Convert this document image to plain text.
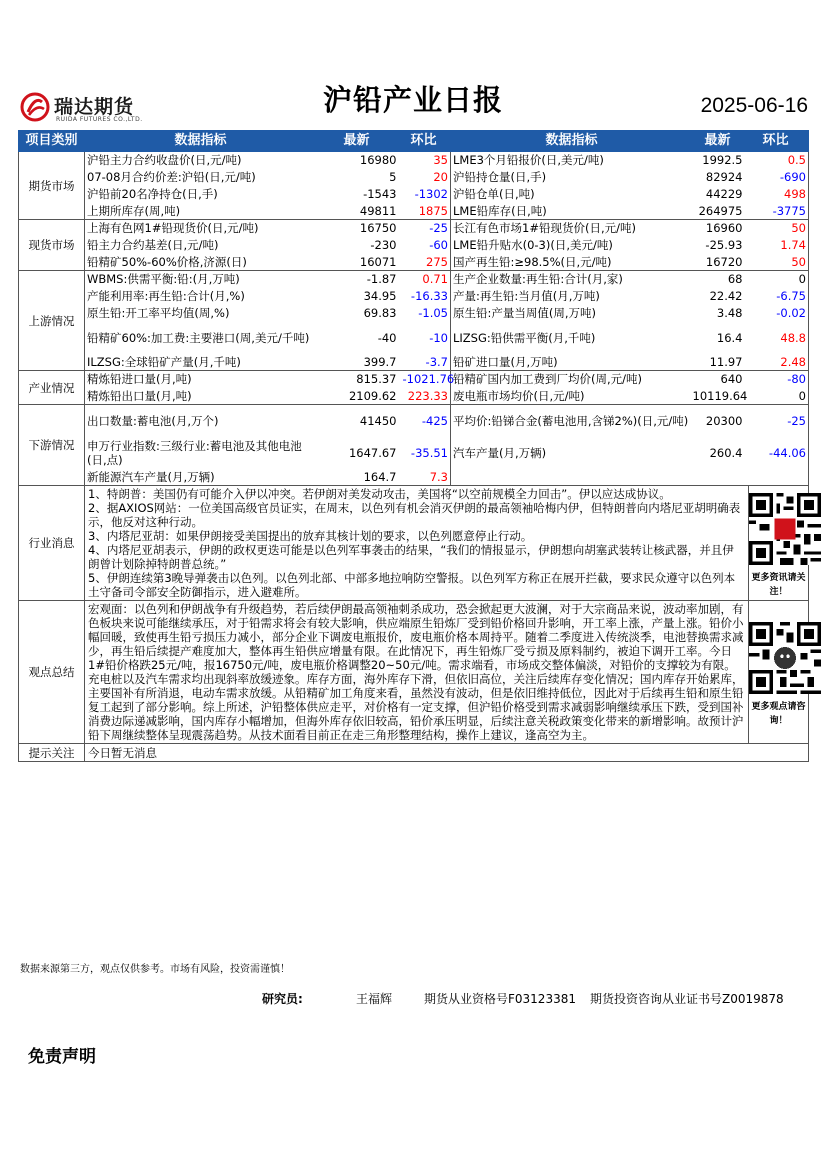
瑞达期货
RUIDA FUTURES CO.,LTD.
沪铅产业日报	2025-06-16
项目类别	数据指标	最新	环比	数据指标	最新	环比
期货市场	沪铅主力合约收盘价(日,元/吨)	16980	35	LME3个月铅报价(日,美元/吨)	1992.5	0.5
	07-08月合约价差:沪铅(日,元/吨)	5	20	沪铅持仓量(日,手)	82924	-690
	沪铅前20名净持仓(日,手)	-1543	-1302	沪铅仓单(日,吨)	44229	498
	上期所库存(周,吨)	49811	1875	LME铅库存(日,吨)	264975	-3775
现货市场	上海有色网1#铅现货价(日,元/吨)	16750	-25	长江有色市场1#铅现货价(日,元/吨)	16960	50
	铅主力合约基差(日,元/吨)	-230	-60	LME铅升贴水(0-3)(日,美元/吨)	-25.93	1.74
	铅精矿50%-60%价格,济源(日)	16071	275	国产再生铅:≥98.5%(日,元/吨)	16720	50
上游情况	WBMS:供需平衡:铅:(月,万吨)	-1.87	0.71	生产企业数量:再生铅:合计(月,家)	68	0
	产能利用率:再生铅:合计(月,%)	34.95	-16.33	产量:再生铅:当月值(月,万吨)	22.42	-6.75
	原生铅:开工率平均值(周,%)	69.83	-1.05	原生铅:产量当周值(周,万吨)	3.48	-0.02
	铅精矿60%:加工费:主要港口(周,美元/千吨)	-40	-10	LIZSG:铅供需平衡(月,千吨)	16.4	48.8
	ILZSG:全球铅矿产量(月,千吨)	399.7	-3.7	铅矿进口量(月,万吨)	11.97	2.48
产业情况	精炼铅进口量(月,吨)	815.37	-1021.76	铅精矿国内加工费到厂均价(周,元/吨)	640	-80
	精炼铅出口量(月,吨)	2109.62	223.33	废电瓶市场均价(日,元/吨)	10119.64	0
下游情况	出口数量:蓄电池(月,万个)	41450	-425	平均价:铅锑合金(蓄电池用,含锑2%)(日,元/吨)	20300	-25
	申万行业指数:三级行业:蓄电池及其他电池(日,点)	1647.67	-35.51	汽车产量(月,万辆)	260.4	-44.06
	新能源汽车产量(月,万辆)	164.7	7.3			
行业消息	1、特朗普：美国仍有可能介入伊以冲突。若伊朗对美发动攻击，美国将“以空前规模全力回击”。伊以应达成协议。

2、据AXIOS网站：一位美国高级官员证实，在周末，以色列有机会消灭伊朗的最高领袖哈梅内伊，但特朗普向内塔尼亚胡明确表示，他反对这种行动。

3、内塔尼亚胡：如果伊朗接受美国提出的放弃其核计划的要求，以色列愿意停止行动。

4、内塔尼亚胡表示，伊朗的政权更迭可能是以色列军事袭击的结果，“我们的情报显示，伊朗想向胡塞武装转让核武器，并且伊朗曾计划除掉特朗普总统。”

5、伊朗连续第3晚导弹袭击以色列。以色列北部、中部多地拉响防空警报。以色列军方称正在展开拦截，要求民众遵守以色列本土守备司令部安全防御指示，进入避难所。					更多资讯请关注！

观点总结	宏观面：以色列和伊朗战争有升级趋势，若后续伊朗最高领袖刺杀成功，恐会掀起更大波澜，对于大宗商品来说，波动率加剧，有色板块来说可能继续承压，对于铅需求将会有较大影响，供应端原生铅炼厂受到铅价格回升影响，开工率上涨，产量上涨。铅价小幅回暖，致使再生铅亏损压力减小，部分企业下调废电瓶报价，废电瓶价格本周持平。随着二季度进入传统淡季，电池替换需求减少，再生铅后续提产难度加大，整体再生铅供应增量有限。在此情况下，再生铅炼厂受亏损及原料制约，被迫下调开工率。今日1#铅价格跌25元/吨，报16750元/吨，废电瓶价格调整20~50元/吨。需求端看，市场成交整体偏淡，对铅价的支撑较为有限。充电桩以及汽车需求均出现斜率放缓迹象。库存方面，海外库存下滑，但依旧高位，关注后续库存变化情况；国内库存开始累库，主要国补有所消退，电动车需求放缓。从铅精矿加工角度来看，虽然没有波动，但是依旧维持低位，因此对于后续再生铅和原生铅复工起到了部分影响。综上所述，沪铅整体供应走平，对价格有一定支撑，但沪铅价格受到需求减弱影响继续承压下跌，受到国补消费边际递减影响，国内库存小幅增加，但海外库存依旧较高，铅价承压明显，后续注意关税政策变化带来的新增影响。故预计沪铅下周继续整体呈现震荡趋势。从技术面看目前正在走三角形整理结构，操作上建议，逢高空为主。					更多观点请咨询！

提示关注	今日暂无消息					
数据来源第三方，观点仅供参考。市场有风险，投资需谨慎！
研究员:	王福辉	期货从业资格号F03123381 期货投资咨询从业证书号Z0019878
免责声明
